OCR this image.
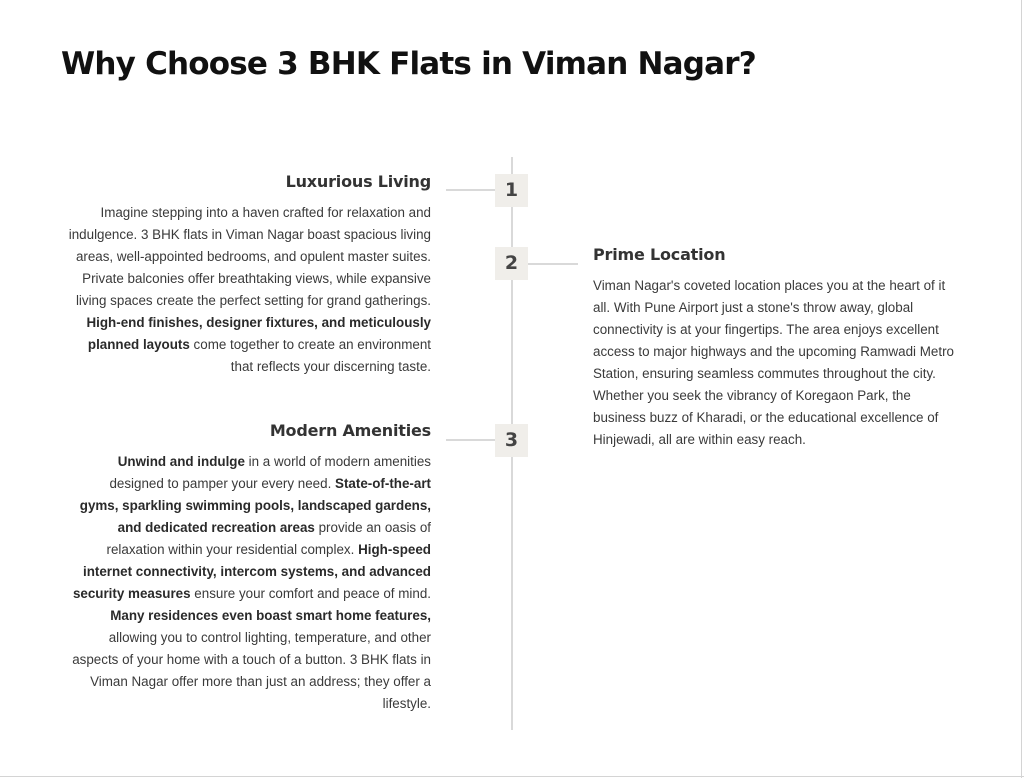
Why Choose 3 BHK Flats in Viman Nagar?
1
2
3
Luxurious Living

Imagine stepping into a haven crafted for relaxation and
indulgence. 3 BHK flats in Viman Nagar boast spacious living
areas, well-appointed bedrooms, and opulent master suites.
Private balconies offer breathtaking views, while expansive
living spaces create the perfect setting for grand gatherings.
High-end finishes, designer fixtures, and meticulously
planned layouts come together to create an environment
that reflects your discerning taste.

Prime Location

Viman Nagar's coveted location places you at the heart of it
all. With Pune Airport just a stone's throw away, global
connectivity is at your fingertips. The area enjoys excellent
access to major highways and the upcoming Ramwadi Metro
Station, ensuring seamless commutes throughout the city.
Whether you seek the vibrancy of Koregaon Park, the
business buzz of Kharadi, or the educational excellence of
Hinjewadi, all are within easy reach.

Modern Amenities

Unwind and indulge in a world of modern amenities
designed to pamper your every need. State-of-the-art
gyms, sparkling swimming pools, landscaped gardens,
and dedicated recreation areas provide an oasis of
relaxation within your residential complex. High-speed
internet connectivity, intercom systems, and advanced
security measures ensure your comfort and peace of mind.
Many residences even boast smart home features,
allowing you to control lighting, temperature, and other
aspects of your home with a touch of a button. 3 BHK flats in
Viman Nagar offer more than just an address; they offer a
lifestyle.
